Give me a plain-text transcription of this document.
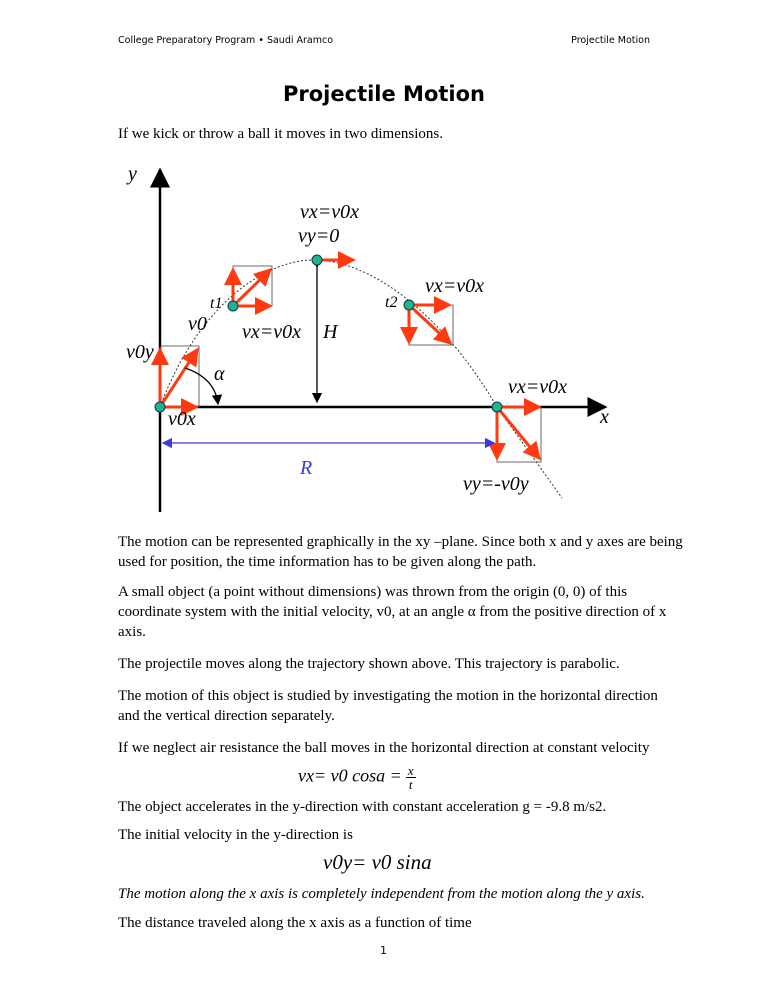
College Preparatory Program • Saudi Aramco	Projectile Motion
Projectile Motion
If we kick or throw a ball it moves in two dimensions.
y
x
vx=v0x
vy=0
t1	t2
v0
v0y
v0x
α
vx=v0x H
vx=v0x
vx=v0x
vy=-v0y
R
The motion can be represented graphically in the xy –plane. Since both x and y axes are being used for position, the time information has to be given along the path.
A small object (a point without dimensions) was thrown from the origin (0, 0) of this coordinate system with the initial velocity, v0, at an angle α from the positive direction of x axis.
The projectile moves along the trajectory shown above. This trajectory is parabolic.
The motion of this object is studied by investigating the motion in the horizontal direction and the vertical direction separately.
If we neglect air resistance the ball moves in the horizontal direction at constant velocity
vx= v0 $\cos a = \frac{x}{t}$
The object accelerates in the y-direction with constant acceleration g = -9.8 m/s2.
The initial velocity in the y-direction is
v0y= v0 sina
The motion along the x axis is completely independent from the motion along the y axis.
The distance traveled along the x axis as a function of time
1
